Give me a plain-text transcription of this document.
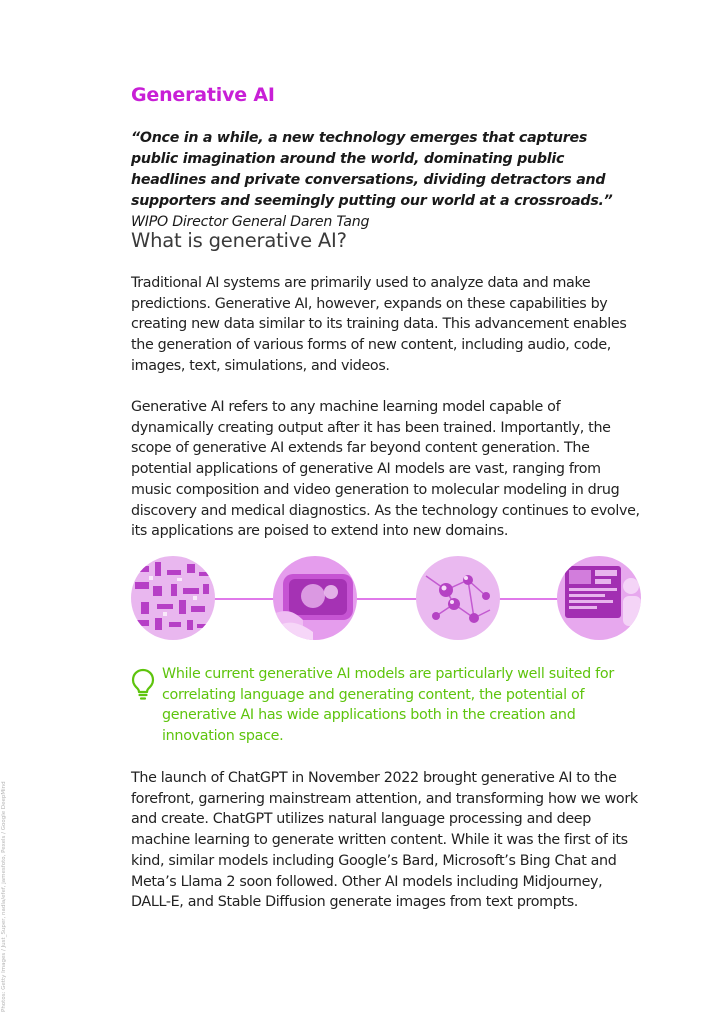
Generative AI
“Once in a while, a new technology emerges that captures public imagination around the world, dominating public headlines and private conversations, dividing detractors and supporters and seemingly putting our world at a crossroads.” WIPO Director General Daren Tang
What is generative AI?

Traditional AI systems are primarily used to analyze data and make predictions. Generative AI, however, expands on these capabilities by creating new data similar to its training data. This advancement enables the generation of various forms of new content, including audio, code, images, text, simulations, and videos.

Generative AI refers to any machine learning model capable of dynamically creating output after it has been trained. Importantly, the scope of generative AI extends far beyond content generation. The potential applications of generative AI models are vast, ranging from music composition and video generation to molecular modeling in drug discovery and medical diagnostics. As the technology continues to evolve, its applications are poised to extend into new domains.

While current generative AI models are particularly well suited for correlating language and generating content, the potential of generative AI has wide applications both in the creation and innovation space.

The launch of ChatGPT in November 2022 brought generative AI to the forefront, garnering mainstream attention, and transforming how we work and create. ChatGPT utilizes natural language processing and deep machine learning to generate written content. While it was the first of its kind, similar models including Google’s Bard, Microsoft’s Bing Chat and Meta’s Llama 2 soon followed. Other AI models including Midjourney, DALL-E, and Stable Diffusion generate images from text prompts.

Photos: Getty Images / Just_Super, nadla/efef, jamesfoto, Pexels / Google DeepMind
